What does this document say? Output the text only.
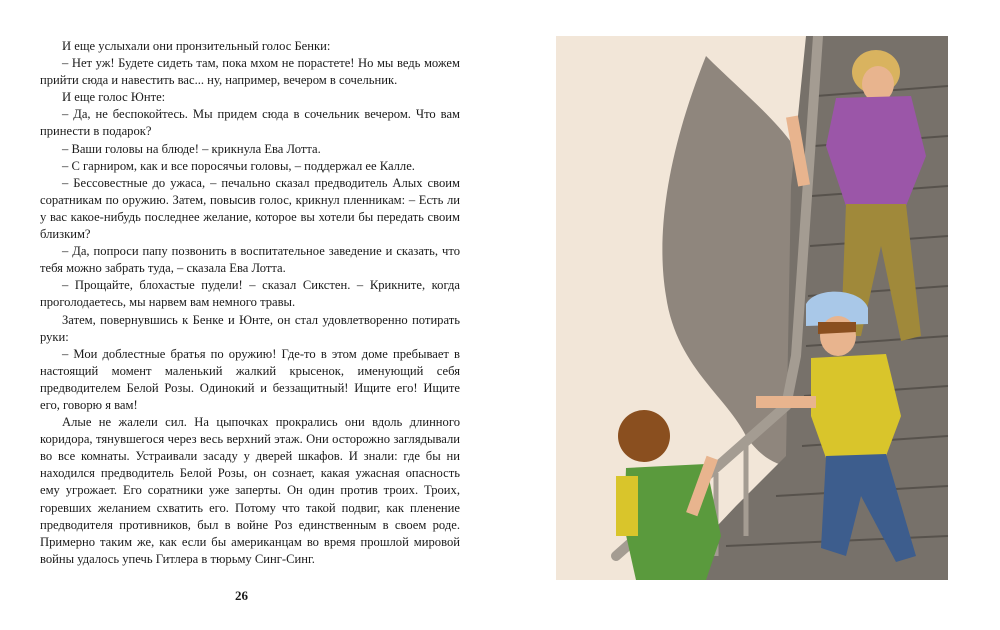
И еще услыхали они пронзительный голос Бенки:

– Нет уж! Будете сидеть там, пока мхом не порастете! Но мы ведь можем прийти сюда и навестить вас... ну, например, вечером в сочельник.

И еще голос Юнте:

– Да, не беспокойтесь. Мы придем сюда в сочельник вечером. Что вам принести в подарок?

– Ваши головы на блюде! – крикнула Ева Лотта.

– С гарниром, как и все поросячьи головы, – поддержал ее Калле.

– Бессовестные до ужаса, – печально сказал предводитель Алых своим соратникам по оружию. Затем, повысив голос, крикнул пленникам: – Есть ли у вас какое-нибудь последнее желание, которое вы хотели бы передать своим близким?

– Да, попроси папу позвонить в воспитательное заведение и сказать, что тебя можно забрать туда, – сказала Ева Лотта.

– Прощайте, блохастые пудели! – сказал Сикстен. – Крикните, когда проголодаетесь, мы нарвем вам немного травы.

Затем, повернувшись к Бенке и Юнте, он стал удовлетворенно потирать руки:

– Мои доблестные братья по оружию! Где-то в этом доме пребывает в настоящий момент маленький жалкий крысенок, именующий себя предводителем Белой Розы. Одинокий и беззащитный! Ищите его! Ищите его, говорю я вам!

Алые не жалели сил. На цыпочках прокрались они вдоль длинного коридора, тянувшегося через весь верхний этаж. Они осторожно заглядывали во все комнаты. Устраивали засаду у дверей шкафов. И знали: где бы ни находился предводитель Белой Розы, он сознает, какая ужасная опасность ему угрожает. Его соратники уже заперты. Он один против троих. Троих, горевших желанием схватить его. Потому что такой подвиг, как пленение предводителя противников, был в войне Роз единственным в своем роде. Примерно таким же, как если бы американцам во время прошлой мировой войны удалось упечь Гитлера в тюрьму Синг-Синг.

26
